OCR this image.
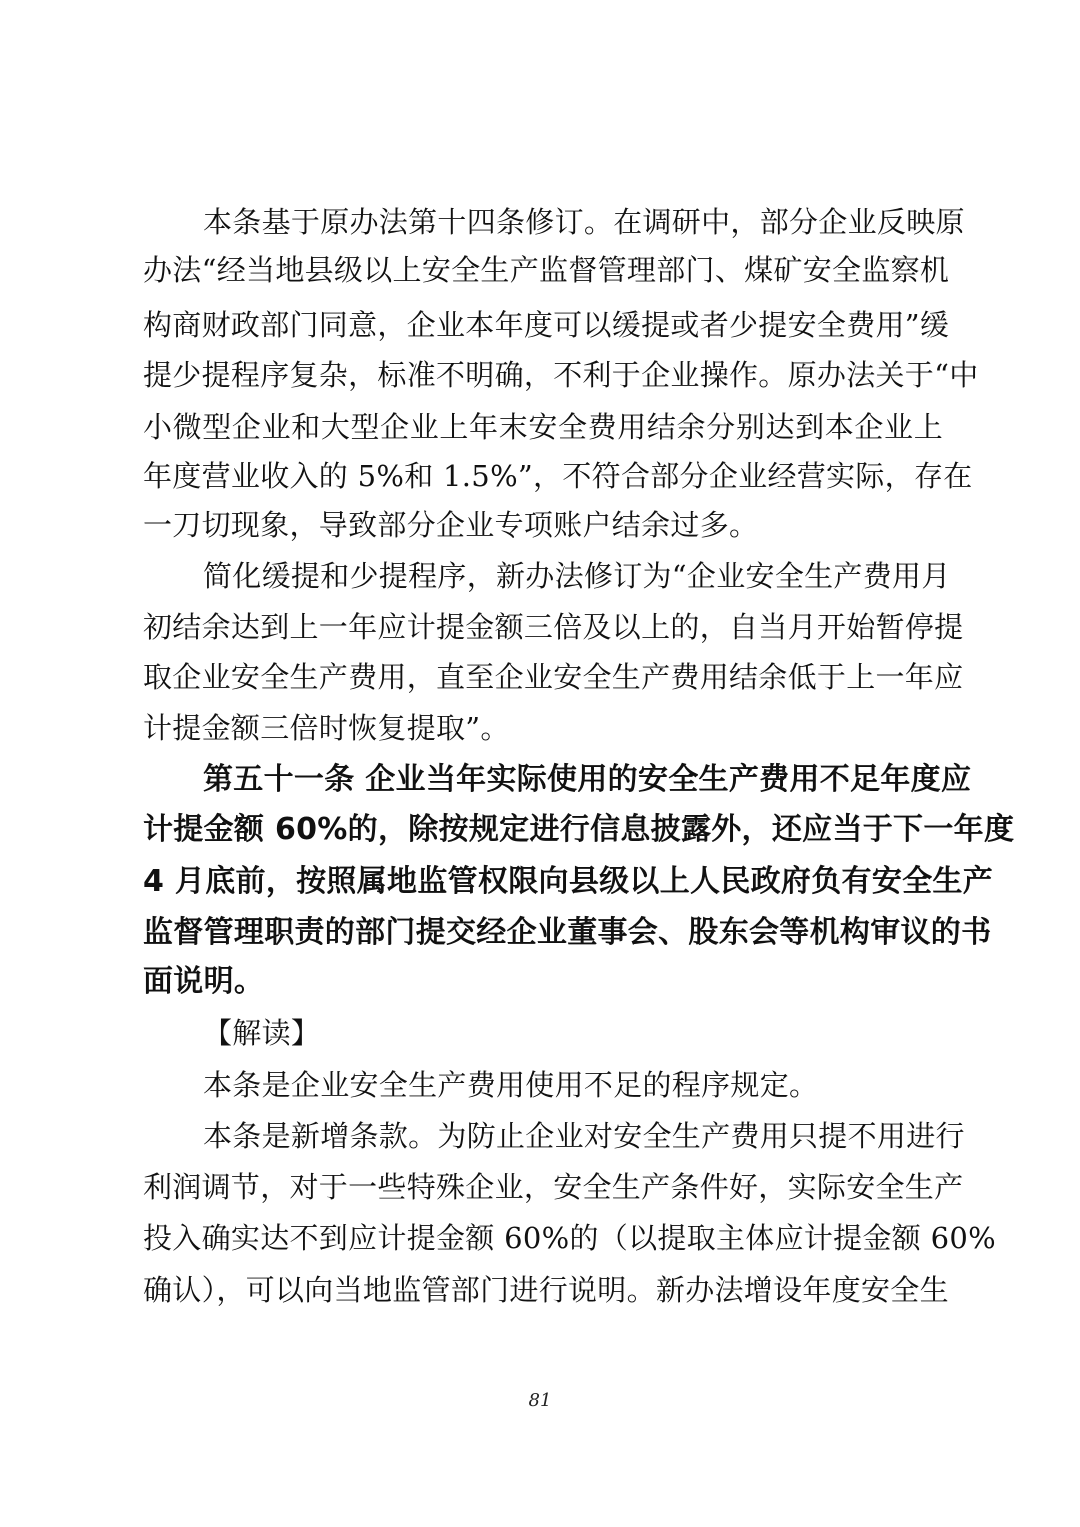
本条基于原办法第十四条修订。在调研中，部分企业反映原
办法“经当地县级以上安全生产监督管理部门、煤矿安全监察机
构商财政部门同意，企业本年度可以缓提或者少提安全费用”缓
提少提程序复杂，标准不明确，不利于企业操作。原办法关于“中
小微型企业和大型企业上年末安全费用结余分别达到本企业上
年度营业收入的 5%和 1.5%”，不符合部分企业经营实际，存在
一刀切现象，导致部分企业专项账户结余过多。
简化缓提和少提程序，新办法修订为“企业安全生产费用月
初结余达到上一年应计提金额三倍及以上的，自当月开始暂停提
取企业安全生产费用，直至企业安全生产费用结余低于上一年应
计提金额三倍时恢复提取”。
第五十一条 企业当年实际使用的安全生产费用不足年度应
计提金额 60%的，除按规定进行信息披露外，还应当于下一年度
4 月底前，按照属地监管权限向县级以上人民政府负有安全生产
监督管理职责的部门提交经企业董事会、股东会等机构审议的书
面说明。
【解读】
本条是企业安全生产费用使用不足的程序规定。
本条是新增条款。为防止企业对安全生产费用只提不用进行
利润调节，对于一些特殊企业，安全生产条件好，实际安全生产
投入确实达不到应计提金额 60%的（以提取主体应计提金额 60%
确认），可以向当地监管部门进行说明。新办法增设年度安全生
81
